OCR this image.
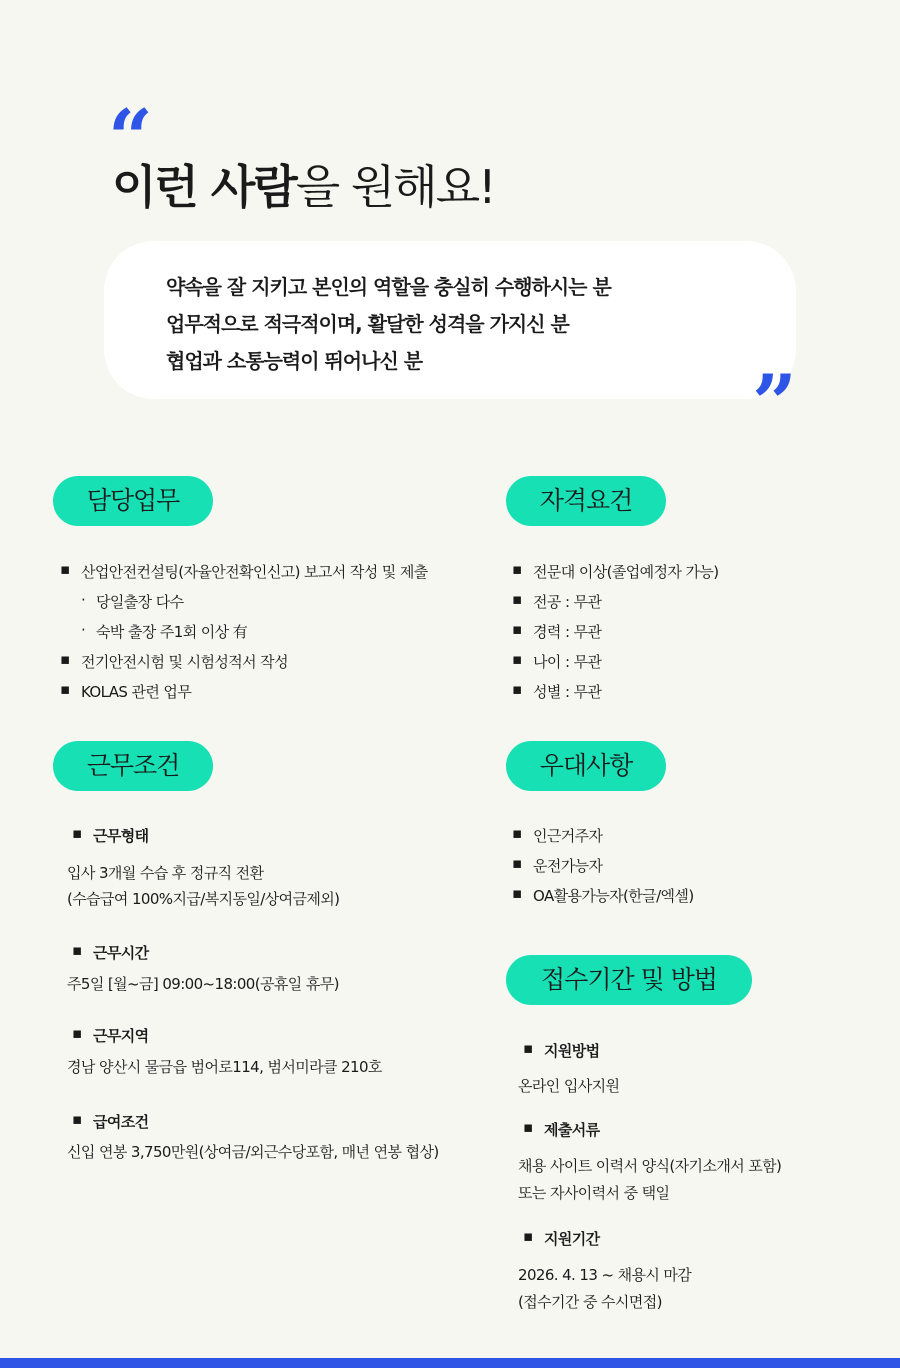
“
이런 사람을 원해요!
약속을 잘 지키고 본인의 역할을 충실히 수행하시는 분
업무적으로 적극적이며, 활달한 성격을 가지신 분
협업과 소통능력이 뛰어나신 분	”
담당업무
▪ 산업안전컨설팅(자율안전확인신고) 보고서 작성 및 제출
· 당일출장 다수
· 숙박 출장 주1회 이상 有
▪ 전기안전시험 및 시험성적서 작성
▪ KOLAS 관련 업무
자격요건
▪ 전문대 이상(졸업예정자 가능)
▪ 전공 : 무관
▪ 경력 : 무관
▪ 나이 : 무관
▪ 성별 : 무관
근무조건
▪ 근무형태
입사 3개월 수습 후 정규직 전환
(수습급여 100%지급/복지동일/상여금제외)
▪ 근무시간
주5일 [월~금] 09:00~18:00(공휴일 휴무)
▪ 근무지역
경남 양산시 물금읍 범어로114, 범서미라클 210호
▪ 급여조건
신입 연봉 3,750만원(상여금/외근수당포함, 매년 연봉 협상)
우대사항
▪ 인근거주자
▪ 운전가능자
▪ OA활용가능자(한글/엑셀)
접수기간 및 방법
▪ 지원방법
온라인 입사지원
▪ 제출서류
채용 사이트 이력서 양식(자기소개서 포함)
또는 자사이력서 중 택일
▪ 지원기간
2026. 4. 13 ~ 채용시 마감
(접수기간 중 수시면접)
